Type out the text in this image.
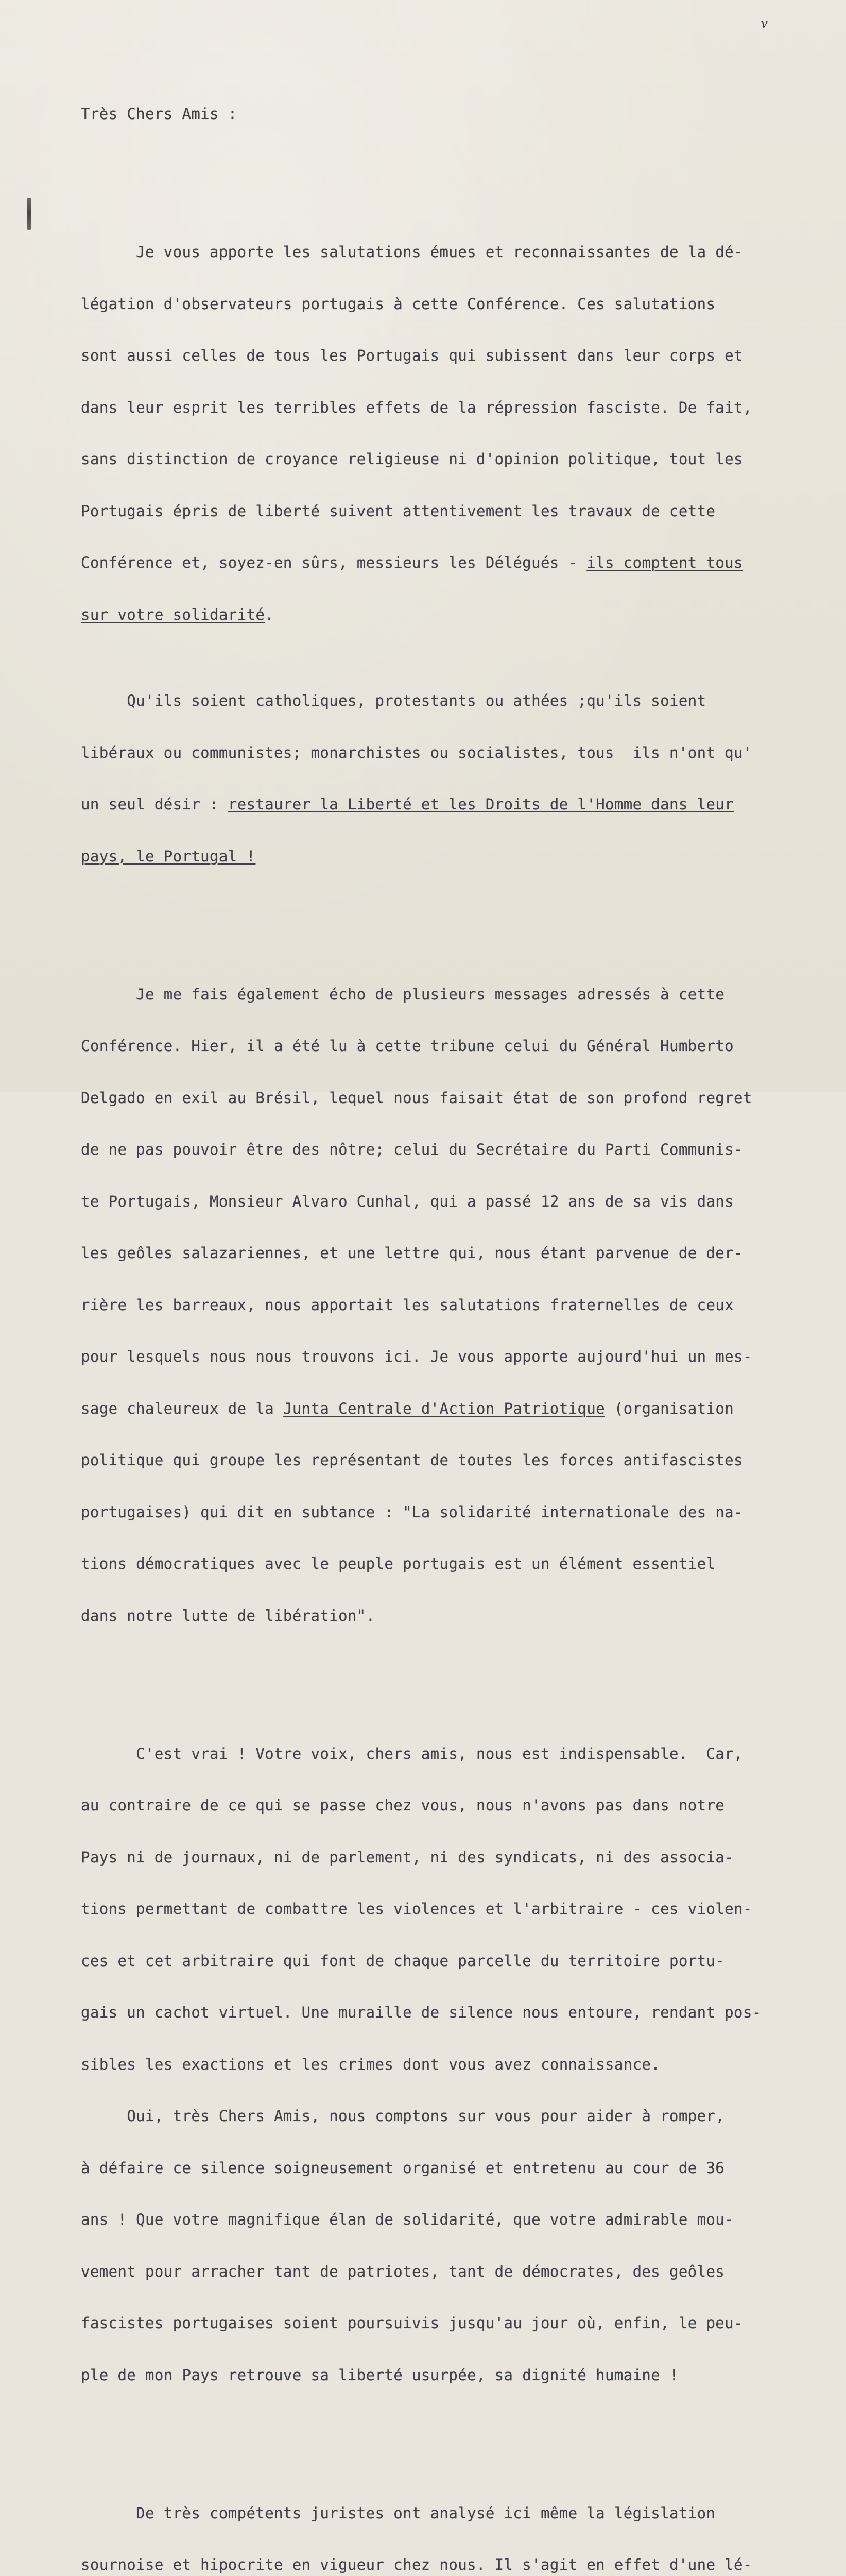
v

Très Chers Amis :

Je vous apporte les salutations émues et reconnaissantes de la dé-

légation d'observateurs portugais à cette Conférence. Ces salutations

sont aussi celles de tous les Portugais qui subissent dans leur corps et

dans leur esprit les terribles effets de la répression fasciste. De fait,

sans distinction de croyance religieuse ni d'opinion politique, tout les

Portugais épris de liberté suivent attentivement les travaux de cette

Conférence et, soyez-en sûrs, messieurs les Délégués - ils comptent tous

sur votre solidarité.

Qu'ils soient catholiques, protestants ou athées ;qu'ils soient

libéraux ou communistes; monarchistes ou socialistes, tous  ils n'ont qu'

un seul désir : restaurer la Liberté et les Droits de l'Homme dans leur

pays, le Portugal !

Je me fais également écho de plusieurs messages adressés à cette

Conférence. Hier, il a été lu à cette tribune celui du Général Humberto

Delgado en exil au Brésil, lequel nous faisait état de son profond regret

de ne pas pouvoir être des nôtre; celui du Secrétaire du Parti Communis-

te Portugais, Monsieur Alvaro Cunhal, qui a passé 12 ans de sa vis dans

les geôles salazariennes, et une lettre qui, nous étant parvenue de der-

rière les barreaux, nous apportait les salutations fraternelles de ceux

pour lesquels nous nous trouvons ici. Je vous apporte aujourd'hui un mes-

sage chaleureux de la Junta Centrale d'Action Patriotique (organisation

politique qui groupe les représentant de toutes les forces antifascistes

portugaises) qui dit en subtance : "La solidarité internationale des na-

tions démocratiques avec le peuple portugais est un élément essentiel

dans notre lutte de libération".

C'est vrai ! Votre voix, chers amis, nous est indispensable.  Car,

au contraire de ce qui se passe chez vous, nous n'avons pas dans notre

Pays ni de journaux, ni de parlement, ni des syndicats, ni des associa-

tions permettant de combattre les violences et l'arbitraire - ces violen-

ces et cet arbitraire qui font de chaque parcelle du territoire portu-

gais un cachot virtuel. Une muraille de silence nous entoure, rendant pos-

sibles les exactions et les crimes dont vous avez connaissance.

Oui, très Chers Amis, nous comptons sur vous pour aider à romper,

à défaire ce silence soigneusement organisé et entretenu au cour de 36

ans ! Que votre magnifique élan de solidarité, que votre admirable mou-

vement pour arracher tant de patriotes, tant de démocrates, des geôles

fascistes portugaises soient poursuivis jusqu'au jour où, enfin, le peu-

ple de mon Pays retrouve sa liberté usurpée, sa dignité humaine !

De très compétents juristes ont analysé ici même la législation

sournoise et hipocrite en vigueur chez nous. Il s'agit en effet d'une lé-
